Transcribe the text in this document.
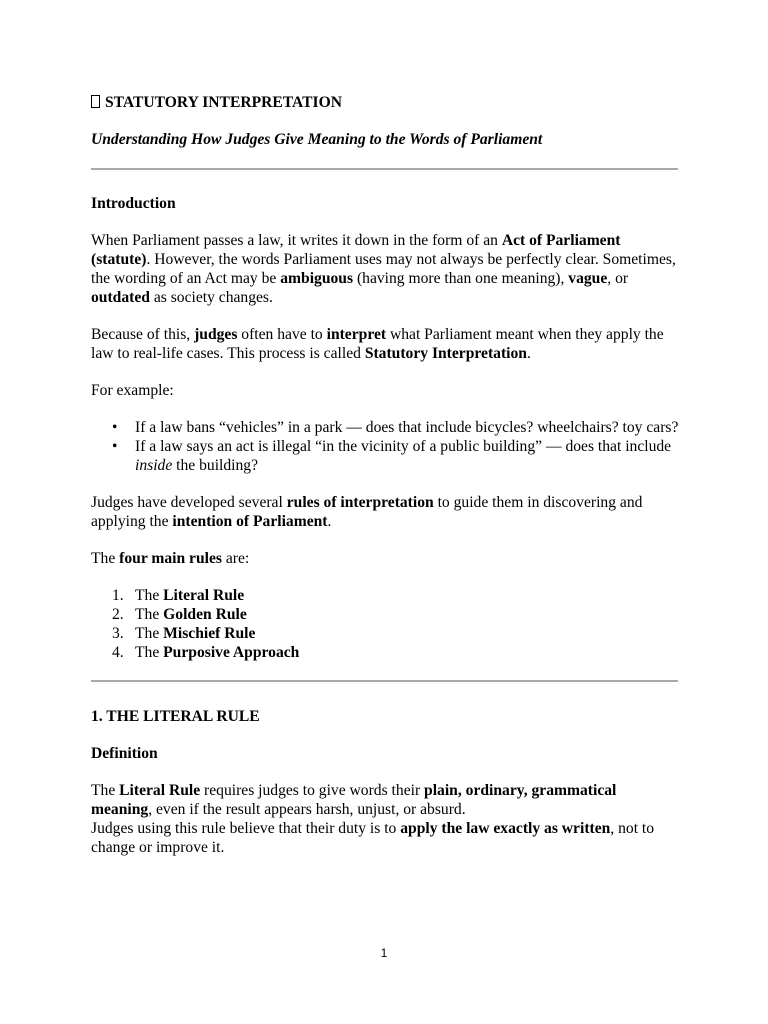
STATUTORY INTERPRETATION

Understanding How Judges Give Meaning to the Words of Parliament

Introduction

When Parliament passes a law, it writes it down in the form of an Act of Parliament (statute). However, the words Parliament uses may not always be perfectly clear. Sometimes, the wording of an Act may be ambiguous (having more than one meaning), vague, or outdated as society changes.

Because of this, judges often have to interpret what Parliament meant when they apply the law to real-life cases. This process is called Statutory Interpretation.

For example:

• If a law bans “vehicles” in a park — does that include bicycles? wheelchairs? toy cars?
• If a law says an act is illegal “in the vicinity of a public building” — does that include inside the building?

Judges have developed several rules of interpretation to guide them in discovering and applying the intention of Parliament.

The four main rules are:

1. The Literal Rule
2. The Golden Rule
3. The Mischief Rule
4. The Purposive Approach

1. THE LITERAL RULE

Definition

The Literal Rule requires judges to give words their plain, ordinary, grammatical meaning, even if the result appears harsh, unjust, or absurd.

Judges using this rule believe that their duty is to apply the law exactly as written, not to change or improve it.

1
